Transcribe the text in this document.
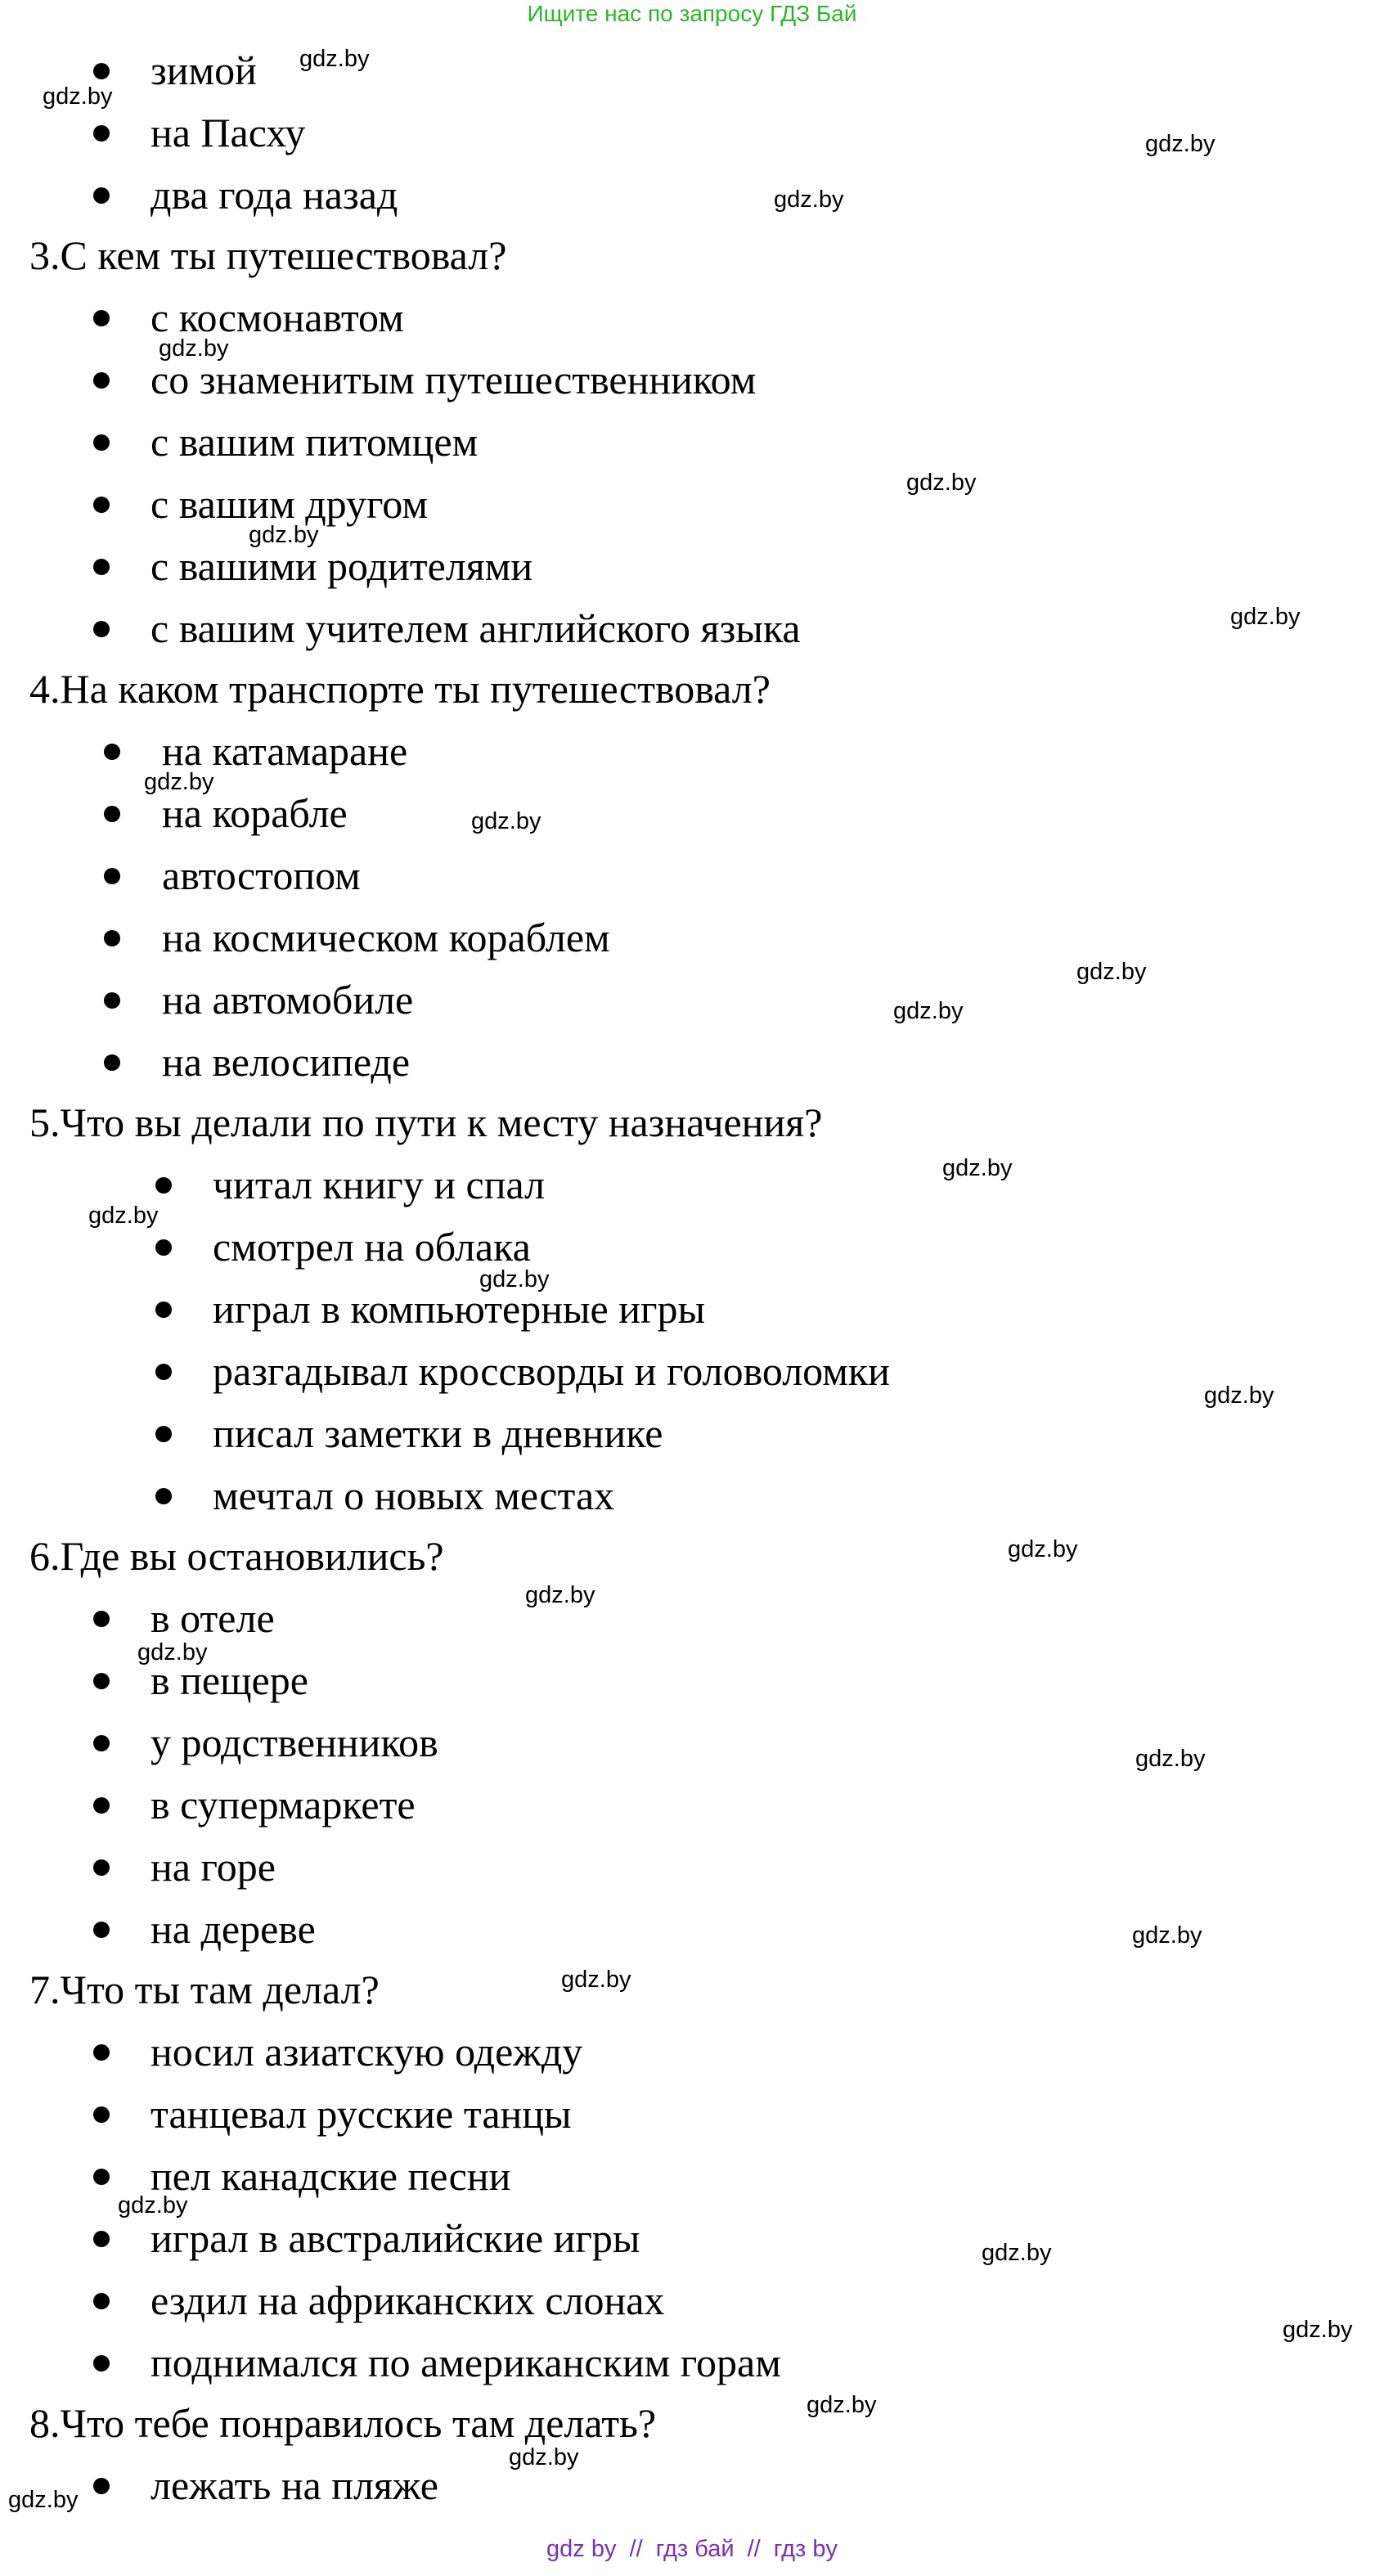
Ищите нас по запросу ГДЗ Бай
зимой
на Пасху
два года назад
3.С кем ты путешествовал?
с космонавтом
со знаменитым путешественником
с вашим питомцем
с вашим другом
с вашими родителями
с вашим учителем английского языка
4.На каком транспорте ты путешествовал?
на катамаране
на корабле
автостопом
на космическом кораблем
на автомобиле
на велосипеде
5.Что вы делали по пути к месту назначения?
читал книгу и спал
смотрел на облака
играл в компьютерные игры
разгадывал кроссворды и головоломки
писал заметки в дневнике
мечтал о новых местах
6.Где вы остановились?
в отеле
в пещере
у родственников
в супермаркете
на горе
на дереве
7.Что ты там делал?
носил азиатскую одежду
танцевал русские танцы
пел канадские песни
играл в австралийские игры
ездил на африканских слонах
поднимался по американским горам
8.Что тебе понравилось там делать?
лежать на пляже
gdz.by
gdz.by
gdz.by
gdz.by
gdz.by
gdz.by
gdz.by
gdz.by
gdz.by
gdz.by
gdz.by
gdz.by
gdz.by
gdz.by
gdz.by
gdz.by
gdz.by
gdz.by
gdz.by
gdz.by
gdz.by
gdz.by
gdz.by
gdz.by
gdz.by
gdz.by
gdz.by
gdz.by
gdz by // гдз бай // гдз by
